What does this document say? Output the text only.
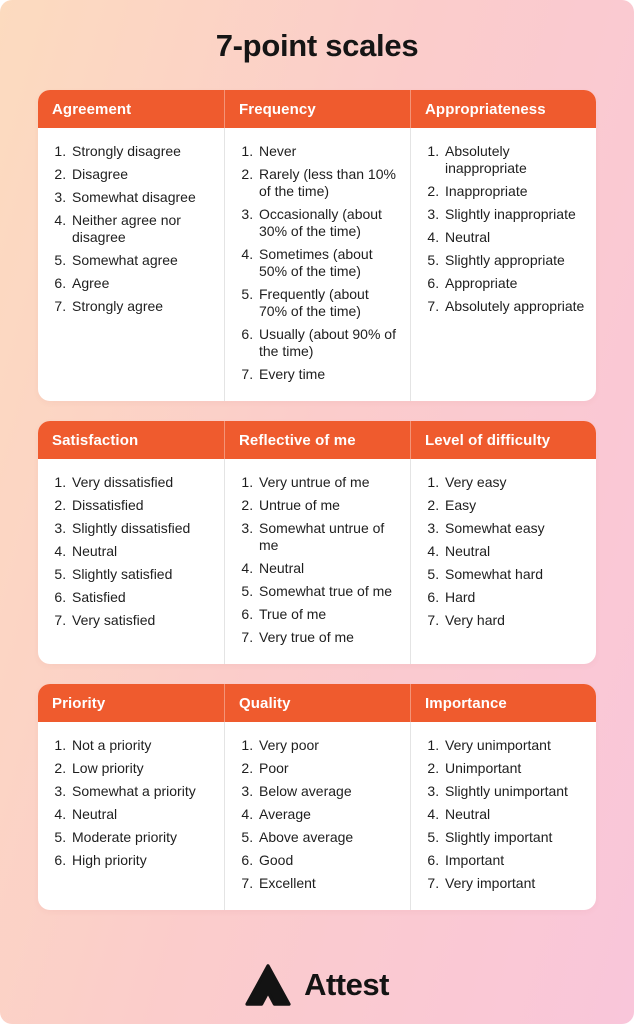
7-point scales
Agreement
1. Strongly disagree
2. Disagree
3. Somewhat disagree
4. Neither agree nor disagree
5. Somewhat agree
6. Agree
7. Strongly agree
Frequency
1. Never
2. Rarely (less than 10% of the time)
3. Occasionally (about 30% of the time)
4. Sometimes (about 50% of the time)
5. Frequently (about 70% of the time)
6. Usually (about 90% of the time)
7. Every time
Appropriateness
1. Absolutely inappropriate
2. Inappropriate
3. Slightly inappropriate
4. Neutral
5. Slightly appropriate
6. Appropriate
7. Absolutely appropriate
Satisfaction
1. Very dissatisfied
2. Dissatisfied
3. Slightly dissatisfied
4. Neutral
5. Slightly satisfied
6. Satisfied
7. Very satisfied
Reflective of me
1. Very untrue of me
2. Untrue of me
3. Somewhat untrue of me
4. Neutral
5. Somewhat true of me
6. True of me
7. Very true of me
Level of difficulty
1. Very easy
2. Easy
3. Somewhat easy
4. Neutral
5. Somewhat hard
6. Hard
7. Very hard
Priority
1. Not a priority
2. Low priority
3. Somewhat a priority
4. Neutral
5. Moderate priority
6. High priority
Quality
1. Very poor
2. Poor
3. Below average
4. Average
5. Above average
6. Good
7. Excellent
Importance
1. Very unimportant
2. Unimportant
3. Slightly unimportant
4. Neutral
5. Slightly important
6. Important
7. Very important
Attest
